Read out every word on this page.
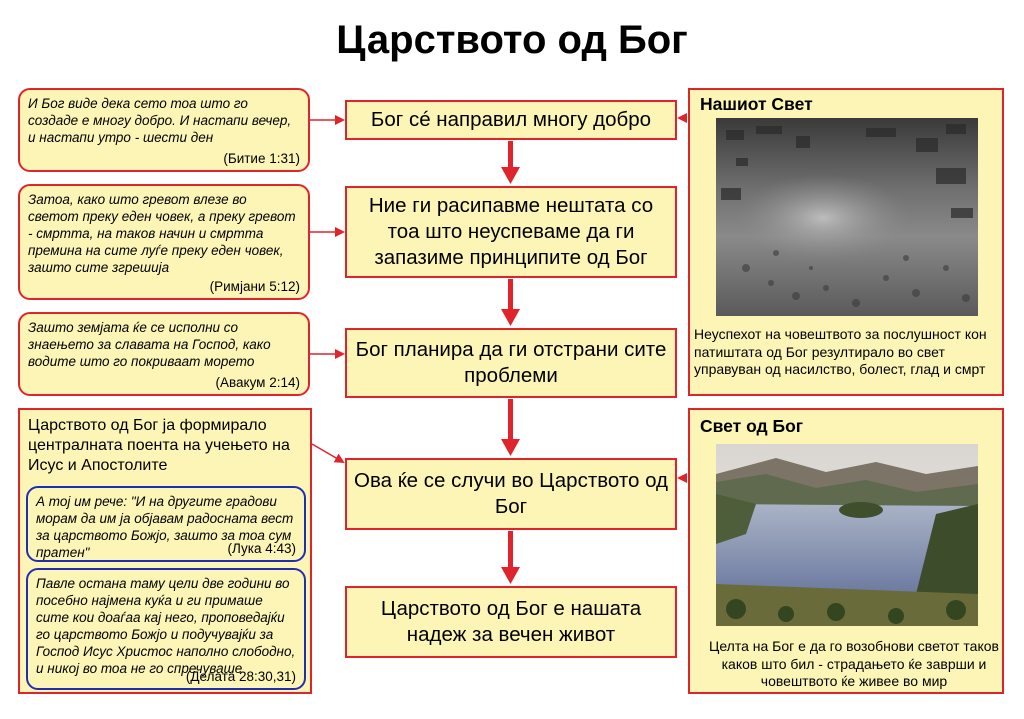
Царството од Бог
И Бог виде дека сето тоа што го создаде е многу добро. И настапи вечер, и настапи утро - шести ден
(Битие 1:31)
Затоа, како што гревот влезе во светот преку еден човек, а преку гревот - смртта, на таков начин и смртта премина на сите луѓе преку еден човек, зашто сите згрешија
(Римјани 5:12)
Зашто земјата ќе се исполни со знаењето за славата на Господ, како водите што го покриваат морето
(Авакум 2:14)
Царството од Бог ја формирало централната поента на учењето на Исус и Апостолите
А тој им рече: "И на другите градови морам да им ја објавам радосната вест за царството Божјо, зашто за тоа сум пратен"	(Лука 4:43)
Павле остана таму цели две години во посебно најмена куќа и ги примаше сите кои доаѓаа кај него, проповедајќи го царството Божјо и подучувајќи за Господ Исус Христос наполно слободно, и никој во тоа не го спречуваше
(Делата 28:30,31)
Бог сé направил многу добро
Ние ги расипавме нештата со тоа што неуспеваме да ги запазиме принципите од Бог
Бог планира да ги отстрани сите проблеми
Ова ќе се случи во Царството од Бог
Царството од Бог е нашата надеж за вечен живот
Нашиот Свет
Неуспехот на човештвото за послушност кон патиштата од Бог резултирало во свет управуван од насилство, болест, глад и смрт
Свет од Бог
Целта на Бог е да го возобнови светот таков каков што бил - страдањето ќе заврши и човештвото ќе живее во мир
